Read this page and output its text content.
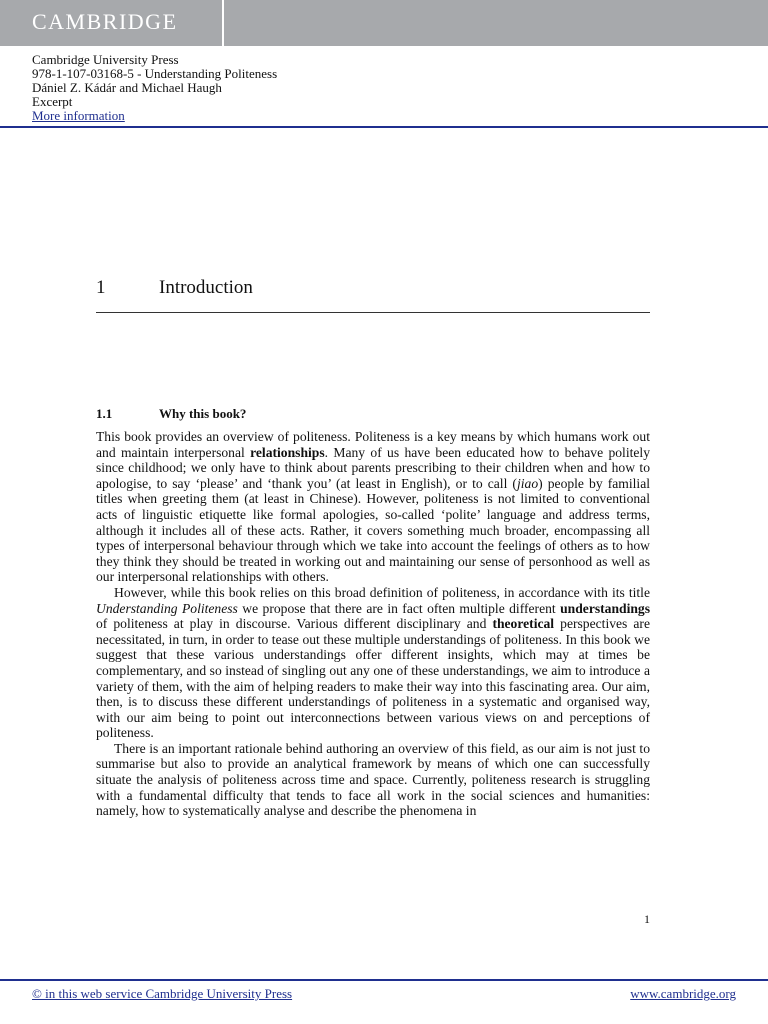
CAMBRIDGE
Cambridge University Press
978-1-107-03168-5 - Understanding Politeness
Dániel Z. Kádár and Michael Haugh
Excerpt
More information
1	Introduction
1.1	Why this book?

This book provides an overview of politeness. Politeness is a key means by which humans work out and maintain interpersonal relationships. Many of us have been educated how to behave politely since childhood; we only have to think about parents prescribing to their children when and how to apologise, to say ‘please’ and ‘thank you’ (at least in English), or to call (jiao) people by familial titles when greeting them (at least in Chinese). However, politeness is not limited to conventional acts of linguistic etiquette like formal apologies, so-called ‘polite’ language and address terms, although it includes all of these acts. Rather, it covers something much broader, encompassing all types of interpersonal behaviour through which we take into account the feelings of others as to how they think they should be treated in working out and maintaining our sense of personhood as well as our interpersonal relationships with others.

However, while this book relies on this broad definition of politeness, in accordance with its title Understanding Politeness we propose that there are in fact often multiple different understandings of politeness at play in discourse. Various different disciplinary and theoretical perspectives are necessitated, in turn, in order to tease out these multiple understandings of politeness. In this book we suggest that these various understandings offer different insights, which may at times be complementary, and so instead of singling out any one of these understandings, we aim to introduce a variety of them, with the aim of helping readers to make their way into this fascinating area. Our aim, then, is to discuss these different understandings of politeness in a systematic and organised way, with our aim being to point out interconnections between various views on and perceptions of politeness.

There is an important rationale behind authoring an overview of this field, as our aim is not just to summarise but also to provide an analytical framework by means of which one can successfully situate the analysis of politeness across time and space. Currently, politeness research is struggling with a fundamental difficulty that tends to face all work in the social sciences and humanities: namely, how to systematically analyse and describe the phenomena in

1
© in this web service Cambridge University Press	www.cambridge.org
